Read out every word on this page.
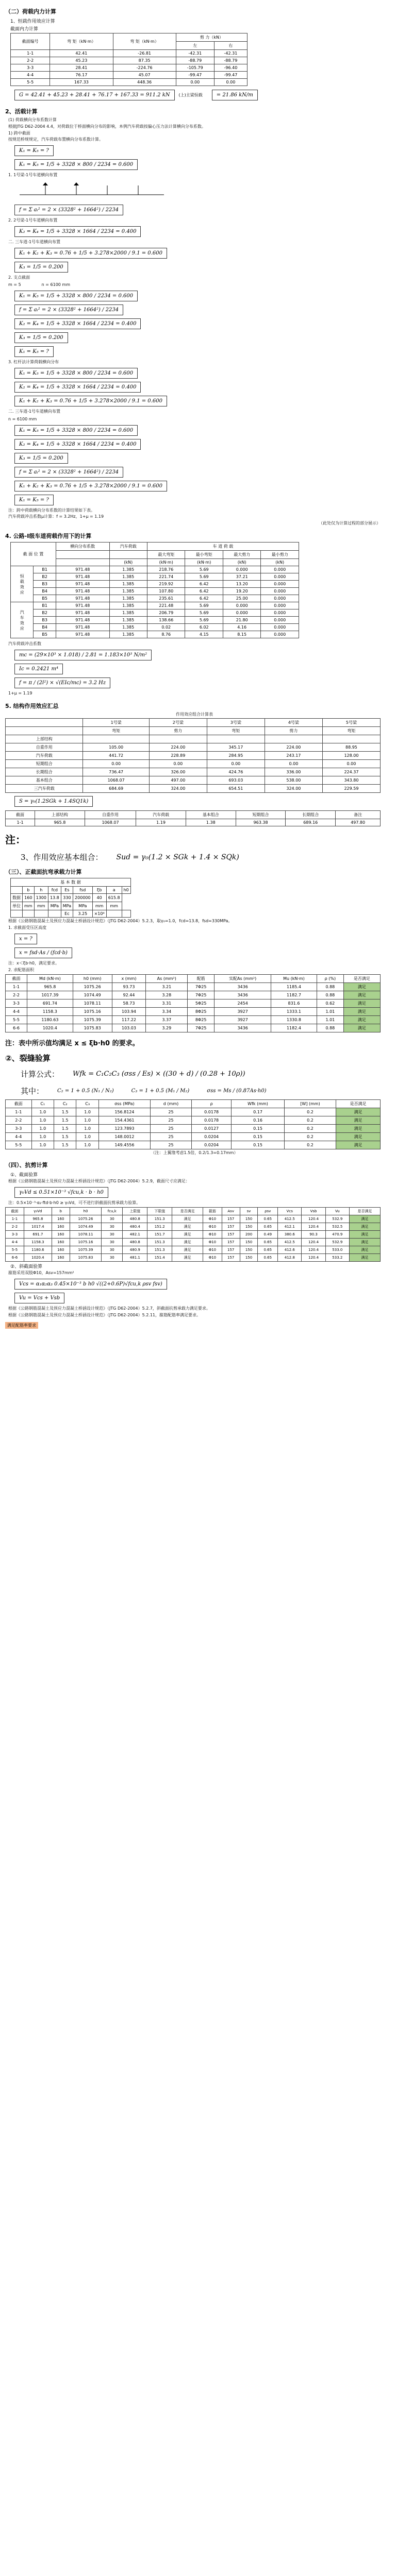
（二）荷载内力计算
1、恒载作用效应计算
截面内力计算
截面编号	弯 矩（kN·m）	弯 矩（kN·m）	剪 力（kN）	
			左	右
1-1	42.41	-26.81	-42.31	-42.31
2-2	45.23	87.35	-88.79	-88.79
3-3	28.41	-224.76	-105.79	-96.40
4-4	76.17	45.07	-99.47	-99.47
5-5	167.33	448.36	0.00	0.00
G = 42.41 + 45.23 + 28.41 + 76.17 + 167.33 = 911.2 kN	(上)主梁恒载	= 21.86 kN/m
2、活载计算
(1) 荷载横向分布系数计算
根据JTG D62-2004 4.4，对荷载位于桥面横向分布的影响，本例汽车荷载按偏心压力法计算横向分布系数。
1) 跨中截面
按规范桥规规定，汽车荷载布置横向分布系数计算。
K₁ = K₅ = ?
K₁ = K₅ = 1/5 + 3328 × 800 / 2234 = 0.600

1. 1号梁-1号车道横向布置

f = Σ aᵢ² = 2 × (3328² + 1664²) / 2234

2. 2号梁-1号车道横向布置
K₂ = K₄ = 1/5 + 3328 × 1664 / 2234 = 0.400

二. 三车道-1号车道横向布置
K₁ + K₂ + K₃ = 0.76 + 1/5 + 3.278×2000 / 9.1 = 0.600
K₃ = 1/5 = 0.200

2. 支点截面
m = 5	n = 6100 mm
K₁ = K₅ = 1/5 + 3328 × 800 / 2234 = 0.600
f = Σ aᵢ² = 2 × (3328² + 1664²) / 2234
K₂ = K₄ = 1/5 + 3328 × 1664 / 2234 = 0.400
K₃ = 1/5 = 0.200
K₁ = K₅ = ?

3. 杠杆法计算荷载横向分布
K₁ = K₅ = 1/5 + 3328 × 800 / 2234 = 0.600
K₂ = K₄ = 1/5 + 3328 × 1664 / 2234 = 0.400
K₁ + K₂ + K₃ = 0.76 + 1/5 + 3.278×2000 / 9.1 = 0.600

二. 三车道-1号车道横向布置
n = 6100 mm
K₁ = K₅ = 1/5 + 3328 × 800 / 2234 = 0.600
K₂ = K₄ = 1/5 + 3328 × 1664 / 2234 = 0.400
K₃ = 1/5 = 0.200
f = Σ aᵢ² = 2 × (3328² + 1664²) / 2234
K₁ + K₂ + K₃ = 0.76 + 1/5 + 3.278×2000 / 9.1 = 0.600
K₁ = K₅ = ?

注：跨中荷载横向分布系数的计算结果如下表。
汽车荷载冲击系数μ计算：f = 3.2Hz，1+μ = 1.19
（此处仅为计算过程的部分展示）
4. 公路-Ⅰ级车道荷载作用下的计算
截 面 位 置		横向分布系数	汽车荷载	车 道 荷 载			
				最大弯矩	最小弯矩	最大剪力	最小剪力
			(kN)	(kN·m)	(kN·m)	(kN)	(kN)
恒 载 效 应	B1	971.48	1.385	218.76	5.69	0.000	0.000
	B2	971.48	1.385	221.74	5.69	37.21	0.000
	B3	971.48	1.385	219.92	6.42	13.20	0.000
	B4	971.48	1.385	107.80	6.42	19.20	0.000
	B5	971.48	1.385	235.61	6.42	25.00	0.000
汽 车 效 应	B1	971.48	1.385	221.48	5.69	0.000	0.000
	B2	971.48	1.385	206.79	5.69	0.000	0.000
	B3	971.48	1.385	138.66	5.69	21.80	0.000
	B4	971.48	1.385	0.02	6.02	4.16	0.000
	B5	971.48	1.385	8.76	4.15	8.15	0.000
汽车荷载冲击系数
mc = (29×10³ × 1.018) / 2.81 = 1.183×10³ N/m²
Ic = 0.2421 m⁴
f = π / (2l²) × √(EIc/mc) = 3.2 Hz

1+μ = 1.19
5. 结构作用效应汇总
作用效应组合计算表
	1号梁	2号梁	3号梁	4号梁	5号梁
	弯矩	剪力	弯矩	剪力	弯矩
上部结构					
自重作用	105.00	224.00	345.17	224.00	88.95
汽车荷载	441.72	228.89	284.95	243.17	128.00
短期组合	0.00	0.00	0.00	0.00	0.00
长期组合	736.47	326.00	424.76	336.00	224.37
基本组合	1068.07	497.00	693.03	538.00	343.80
三汽车荷载	684.69	324.00	654.51	324.00	229.59
S = γ₀(1.2SGk + 1.4SQ1k)
截面	上部结构	自重作用	汽车荷载	基本组合	短期组合	长期组合	备注
1-1	965.8	1068.07	1.19	1.38	963.38	689.16	497.80
注：
3、作用效应基本组合：	Sud = γ₀(1.2 × SGk + 1.4 × SQk)
（三）、正截面抗弯承载力计算
基 本 数 据								
	b	h	fcd	Es	fsd	ξb	a	h0
数据	160	1300	13.8	330	200000	40	615.8	
单位	mm	mm	MPa	MPa	MPa	mm	mm	
				Ec	3.25	×10⁴		
根据《公路钢筋混凝土及预应力混凝土桥涵设计规范》（JTG D62-2004）5.2.3，取γ₀=1.0，fcd=13.8，fsd=330MPa。
1. 求截面受压区高度
x = ?
x = fsd·As / (fcd·b)
注：x＜ξb·h0，满足要求。
2. 求配筋面积
截面	Md (kN·m)	h0 (mm)	x (mm)	As (mm²)	配筋	实配As (mm²)	Mu (kN·m)	ρ (%)	是否满足
1-1	965.8	1075.26	93.73	3.21	7Φ25	3436	1185.4	0.88	满足
2-2	1017.39	1074.49	92.44	3.28	7Φ25	3436	1182.7	0.88	满足
3-3	691.74	1078.11	58.73	3.31	5Φ25	2454	831.6	0.62	满足
4-4	1158.3	1075.16	103.94	3.34	8Φ25	3927	1333.1	1.01	满足
5-5	1180.63	1075.39	117.22	3.37	8Φ25	3927	1330.8	1.01	满足
6-6	1020.4	1075.83	103.03	3.29	7Φ25	3436	1182.4	0.88	满足
注：表中所示值均满足 x ≤ ξb·h0 的要求。
②、裂缝验算
计算公式：	Wfk = C₁C₂C₃ (σss / Es) × ((30 + d) / (0.28 + 10ρ))
其中：	C₂ = 1 + 0.5 (N₁ / N₂)	C₃ = 1 + 0.5 (M₁ / M₂)	σss = Ms / (0.87As·h0)
截面	C₁	C₂	C₃	σss (MPa)	d (mm)	ρ	Wfk (mm)	[W] (mm)	是否满足
1-1	1.0	1.5	1.0	156.8124	25	0.0178	0.17	0.2	满足
2-2	1.0	1.5	1.0	154.4361	25	0.0178	0.16	0.2	满足
3-3	1.0	1.5	1.0	123.7893	25	0.0127	0.15	0.2	满足
4-4	1.0	1.5	1.0	148.0012	25	0.0204	0.15	0.2	满足
5-5	1.0	1.5	1.0	149.4556	25	0.0204	0.15	0.2	满足
（注：上翼缘考虑1.5倍，0.2/1.3=0.17mm）
（四）、抗剪计算
①、截面验算
根据《公路钢筋混凝土及预应力混凝土桥涵设计规范》（JTG D62-2004）5.2.9，截面尺寸应满足：
γ₀Vd ≤ 0.51×10⁻³ √fcu,k · b · h0
注：0.5×10⁻³·α₂·ftd·b·h0 ≥ γ₀Vd，可不进行斜截面抗剪承载力验算。
截面	γ₀Vd	b	h0	fcu,k	上限值	下限值	是否满足	箍筋	Asv	sv	ρsv	Vcs	Vsb	Vu	是否满足
1-1	965.8	160	1075.26	30	480.8	151.3	满足	Φ10	157	150	0.65	412.5	120.4	532.9	满足
2-2	1017.4	160	1074.49	30	480.4	151.2	满足	Φ10	157	150	0.65	412.1	120.4	532.5	满足
3-3	691.7	160	1078.11	30	482.1	151.7	满足	Φ10	157	200	0.49	380.6	90.3	470.9	满足
4-4	1158.3	160	1075.16	30	480.8	151.3	满足	Φ10	157	150	0.65	412.5	120.4	532.9	满足
5-5	1180.6	160	1075.39	30	480.9	151.3	满足	Φ10	157	150	0.65	412.6	120.4	533.0	满足
6-6	1020.4	160	1075.83	30	481.1	151.4	满足	Φ10	157	150	0.65	412.8	120.4	533.2	满足
②、斜截面验算
箍筋采用双肢Φ10，Asv=157mm²
Vcs = α₁α₂α₃ 0.45×10⁻³ b h0 √((2+0.6P)√fcu,k ρsv fsv)
Vu = Vcs + Vsb
根据《公路钢筋混凝土及预应力混凝土桥涵设计规范》（JTG D62-2004）5.2.7，斜截面抗剪承载力满足要求。
根据《公路钢筋混凝土及预应力混凝土桥涵设计规范》（JTG D62-2004）5.2.11，箍筋配筋率满足要求。
满足配筋率要求
